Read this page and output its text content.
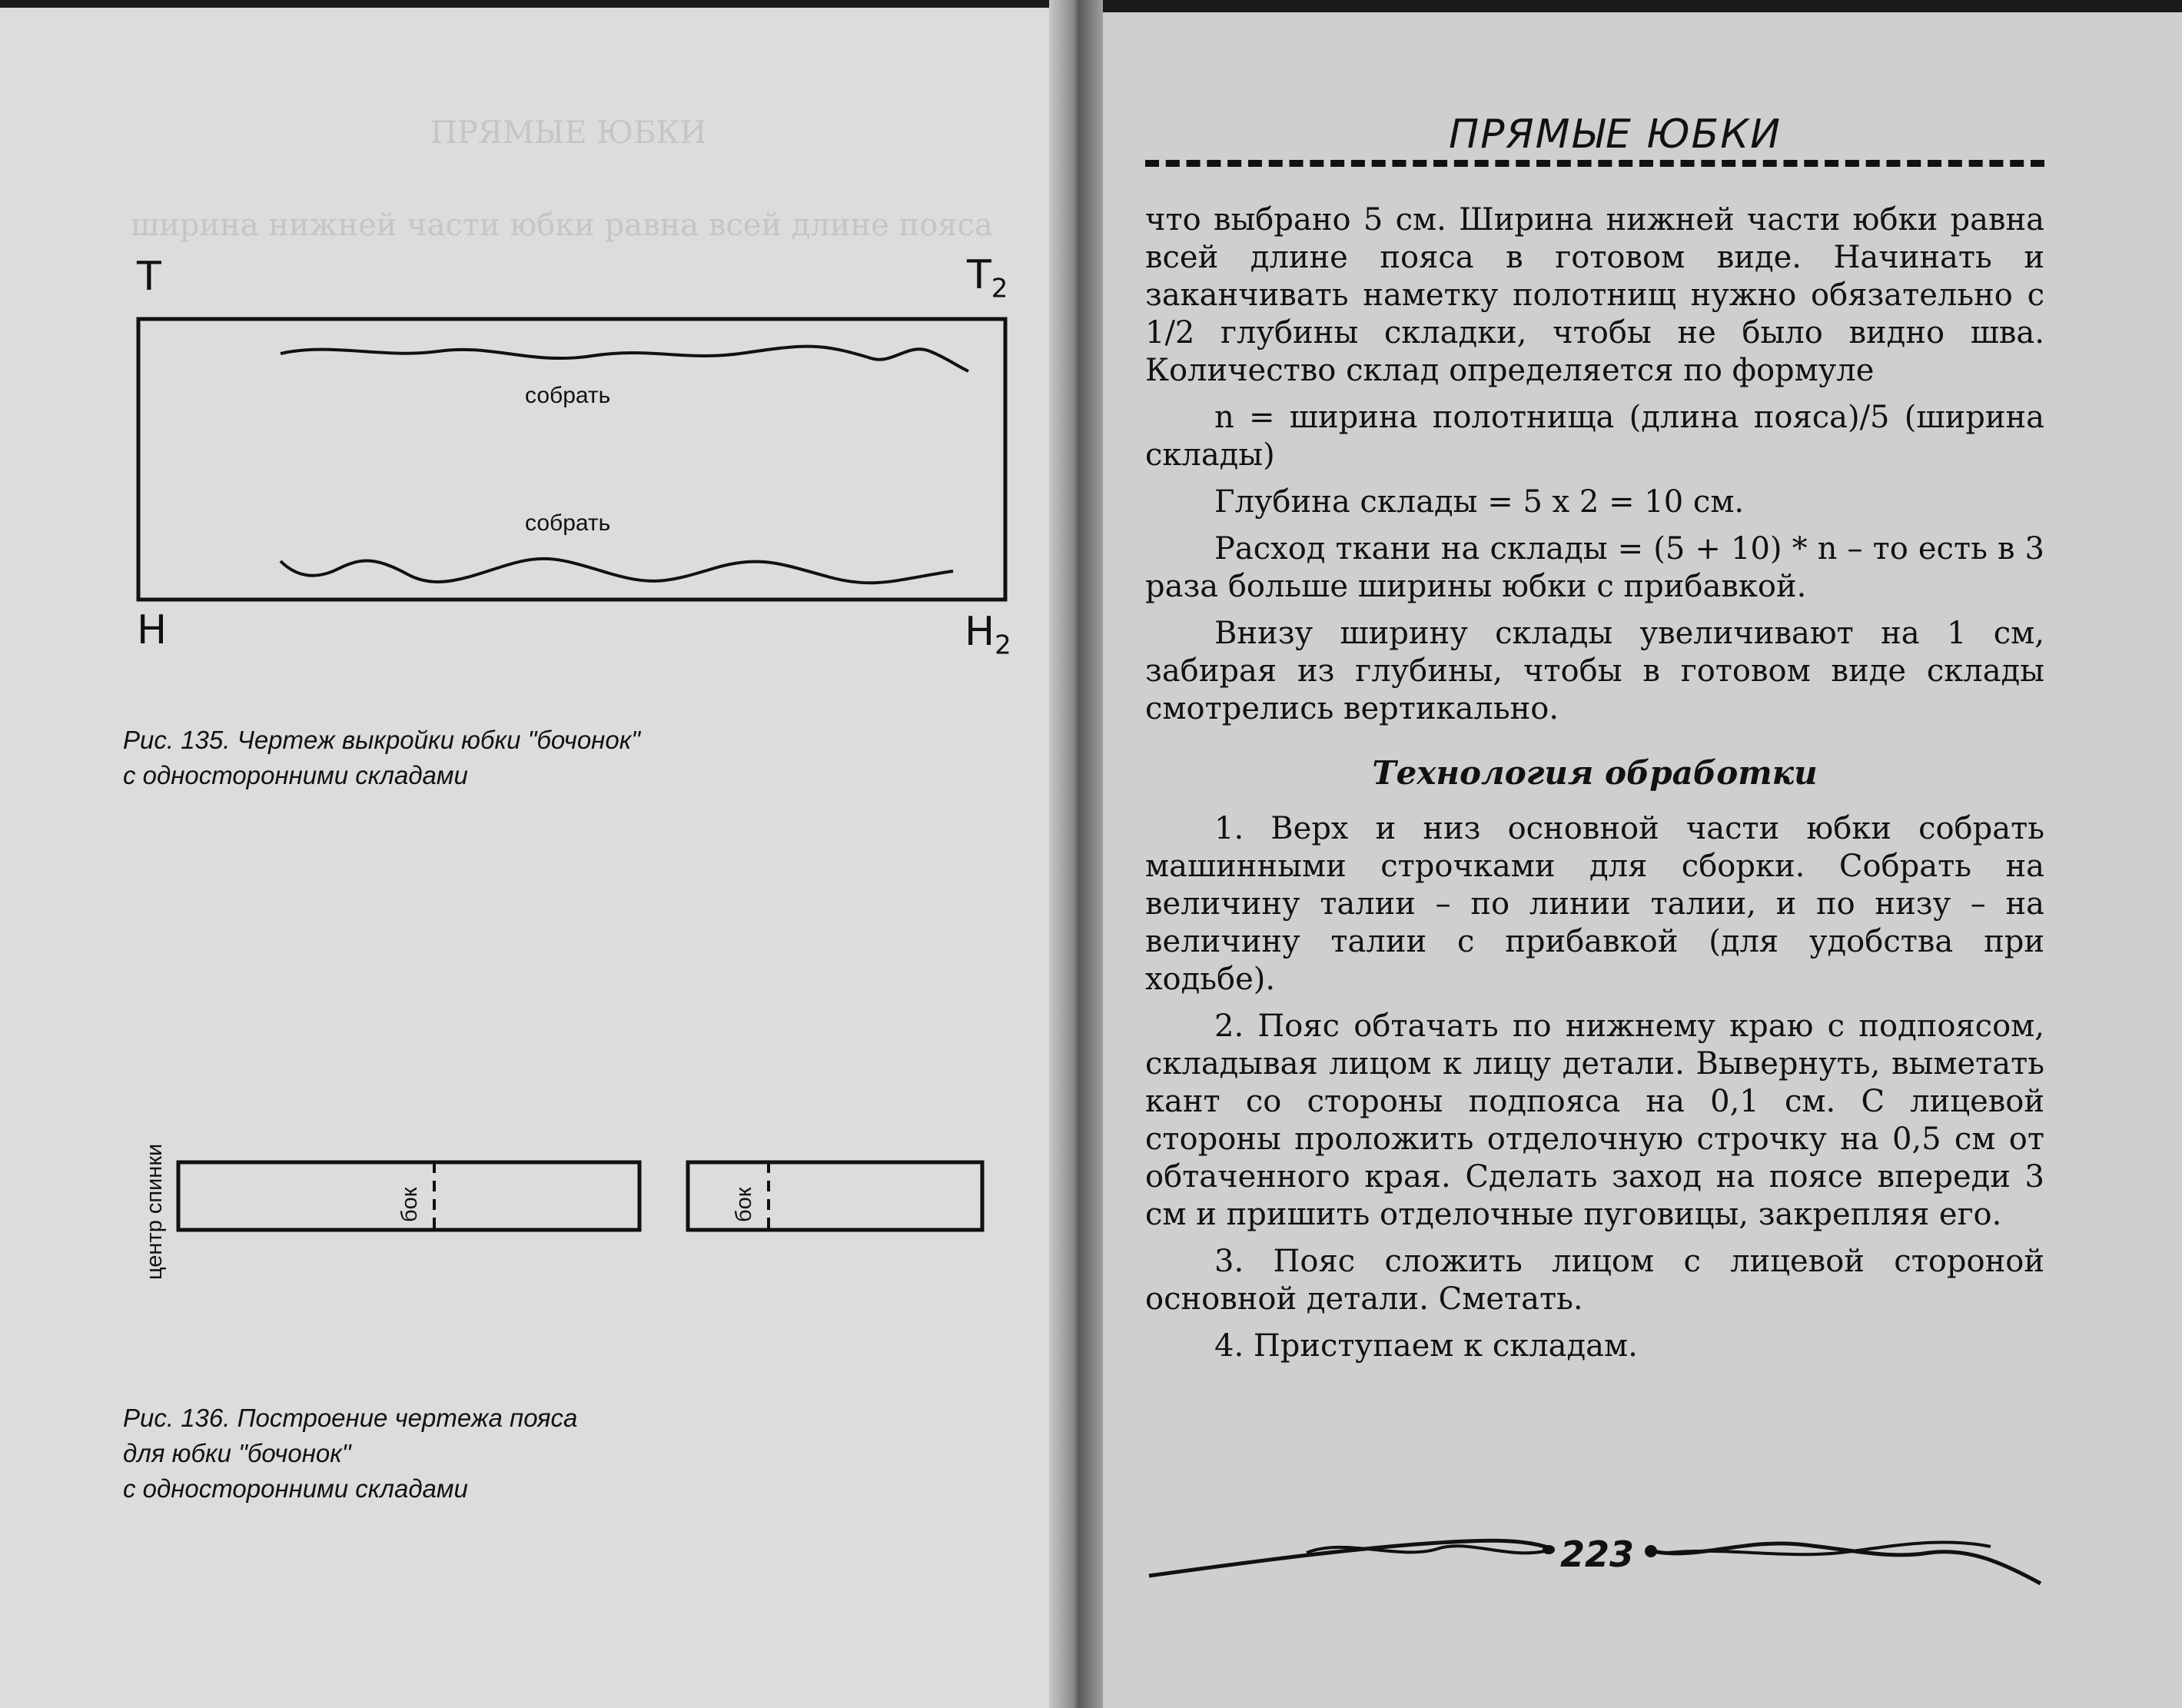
ПРЯМЫЕ ЮБКИ
ширина нижней части юбки равна всей длине пояса
Т	$Т_2$
Н	$Н_2$
собрать
собрать
Рис. 135. Чертеж выкройки юбки "бочонок"
с односторонними складами
центр спинки	бок	бок
Рис. 136. Построение чертежа пояса
для юбки "бочонок"
с односторонними складами
ПРЯМЫЕ ЮБКИ

что выбрано 5 см. Ширина нижней части юбки равна всей длине пояса в готовом виде. Начинать и заканчивать наметку полотнищ нужно обязательно с 1/2 глубины складки, чтобы не было видно шва. Количество склад определяется по формуле

n = ширина полотнища (длина пояса)/5 (ширина склады)

Глубина склады = 5 х 2 = 10 см.

Расход ткани на склады = (5 + 10) * n – то есть в 3 раза больше ширины юбки с прибавкой.

Внизу ширину склады увеличивают на 1 см, забирая из глубины, чтобы в готовом виде склады смотрелись вертикально.

Технология обработки

1. Верх и низ основной части юбки собрать машинными строчками для сборки. Собрать на величину талии – по линии талии, и по низу – на величину талии с прибавкой (для удобства при ходьбе).

2. Пояс обтачать по нижнему краю с подпоясом, складывая лицом к лицу детали. Вывернуть, выметать кант со стороны подпояса на 0,1 см. С лицевой стороны проложить отделочную строчку на 0,5 см от обтаченного края. Сделать заход на поясе впереди 3 см и пришить отделочные пуговицы, закрепляя его.

3. Пояс сложить лицом с лицевой стороной основной детали. Сметать.

4. Приступаем к складам.

223
